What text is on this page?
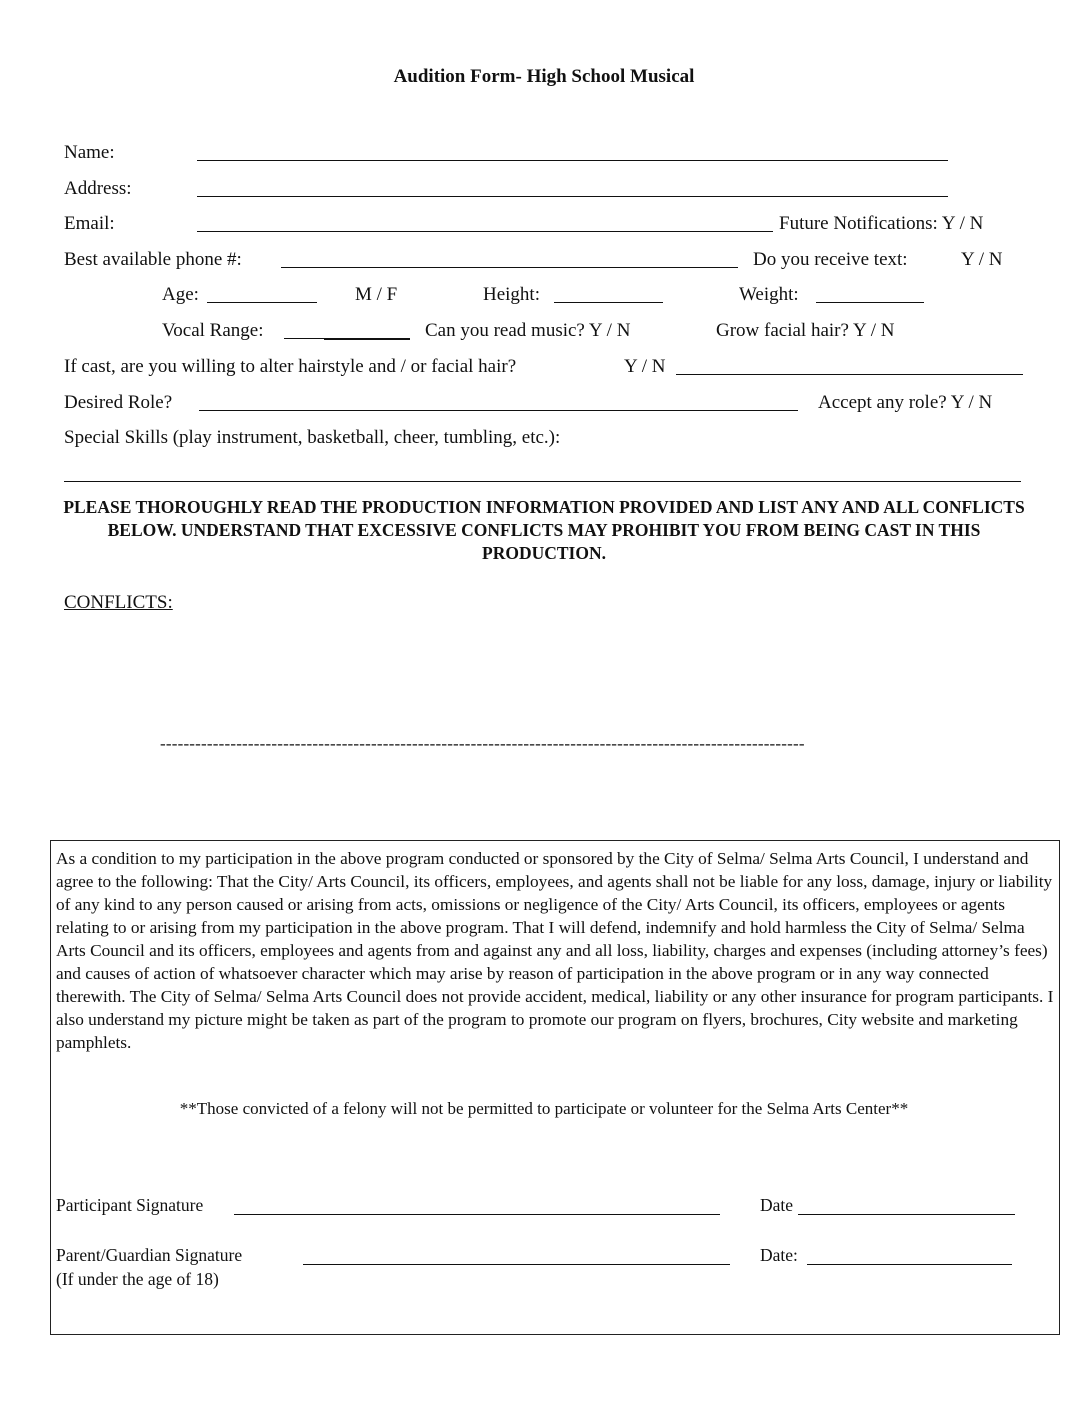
Audition Form- High School Musical
Name:
Address:
Email:	Future Notifications: Y / N
Best available phone #:	Do you receive text:	Y / N
Age:	M / F	Height:	Weight:
Vocal Range:	Can you read music? Y / N	Grow facial hair? Y / N
If cast, are you willing to alter hairstyle and / or facial hair?	Y / N
Desired Role?	Accept any role? Y / N
Special Skills (play instrument, basketball, cheer, tumbling, etc.):
PLEASE THOROUGHLY READ THE PRODUCTION INFORMATION PROVIDED AND LIST ANY AND ALL CONFLICTS BELOW. UNDERSTAND THAT EXCESSIVE CONFLICTS MAY PROHIBIT YOU FROM BEING CAST IN THIS PRODUCTION.
CONFLICTS:
--------------------------------------------------------------------------------------------------------------
As a condition to my participation in the above program conducted or sponsored by the City of Selma/ Selma Arts Council, I understand and agree to the following: That the City/ Arts Council, its officers, employees, and agents shall not be liable for any loss, damage, injury or liability of any kind to any person caused or arising from acts, omissions or negligence of the City/ Arts Council, its officers, employees or agents relating to or arising from my participation in the above program. That I will defend, indemnify and hold harmless the City of Selma/ Selma Arts Council and its officers, employees and agents from and against any and all loss, liability, charges and expenses (including attorney’s fees) and causes of action of whatsoever character which may arise by reason of participation in the above program or in any way connected therewith. The City of Selma/ Selma Arts Council does not provide accident, medical, liability or any other insurance for program participants. I also understand my picture might be taken as part of the program to promote our program on flyers, brochures, City website and marketing pamphlets.
**Those convicted of a felony will not be permitted to participate or volunteer for the Selma Arts Center**
Participant Signature	Date
Parent/Guardian Signature	Date:
(If under the age of 18)
